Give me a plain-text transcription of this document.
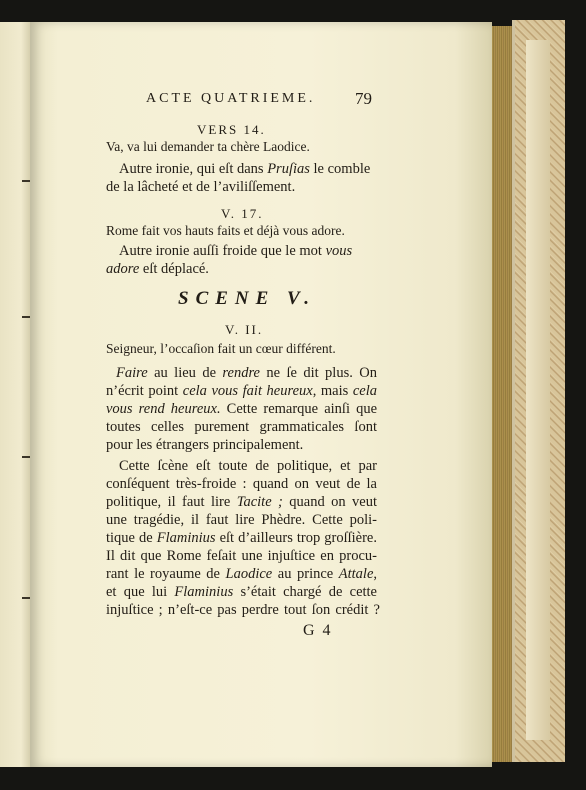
ACTE QUATRIEME. 79
VERS 14.
Va, va lui demander ta chère Laodice.
Autre ironie, qui eſt dans Pruſias le comble
de la lâcheté et de l’aviliſſement.
V. 17.
Rome fait vos hauts faits et déjà vous adore.
Autre ironie auſſi froide que le mot vous
adore eſt déplacé.
SCENE V.
V. II.
Seigneur, l’occaſion fait un cœur différent.
Faire au lieu de rendre ne ſe dit plus. On
n’écrit point cela vous fait heureux, mais cela
vous rend heureux. Cette remarque ainſi que
toutes celles purement grammaticales ſont
pour les étrangers principalement.
Cette ſcène eſt toute de politique, et par
conſéquent très-froide : quand on veut de la
politique, il faut lire Tacite ; quand on veut
une tragédie, il faut lire Phèdre. Cette poli-
tique de Flaminius eſt d’ailleurs trop groſſière.
Il dit que Rome feſait une injuſtice en procu-
rant le royaume de Laodice au prince Attale,
et que lui Flaminius s’était chargé de cette
injuſtice ; n’eſt-ce pas perdre tout ſon crédit ?
G 4
